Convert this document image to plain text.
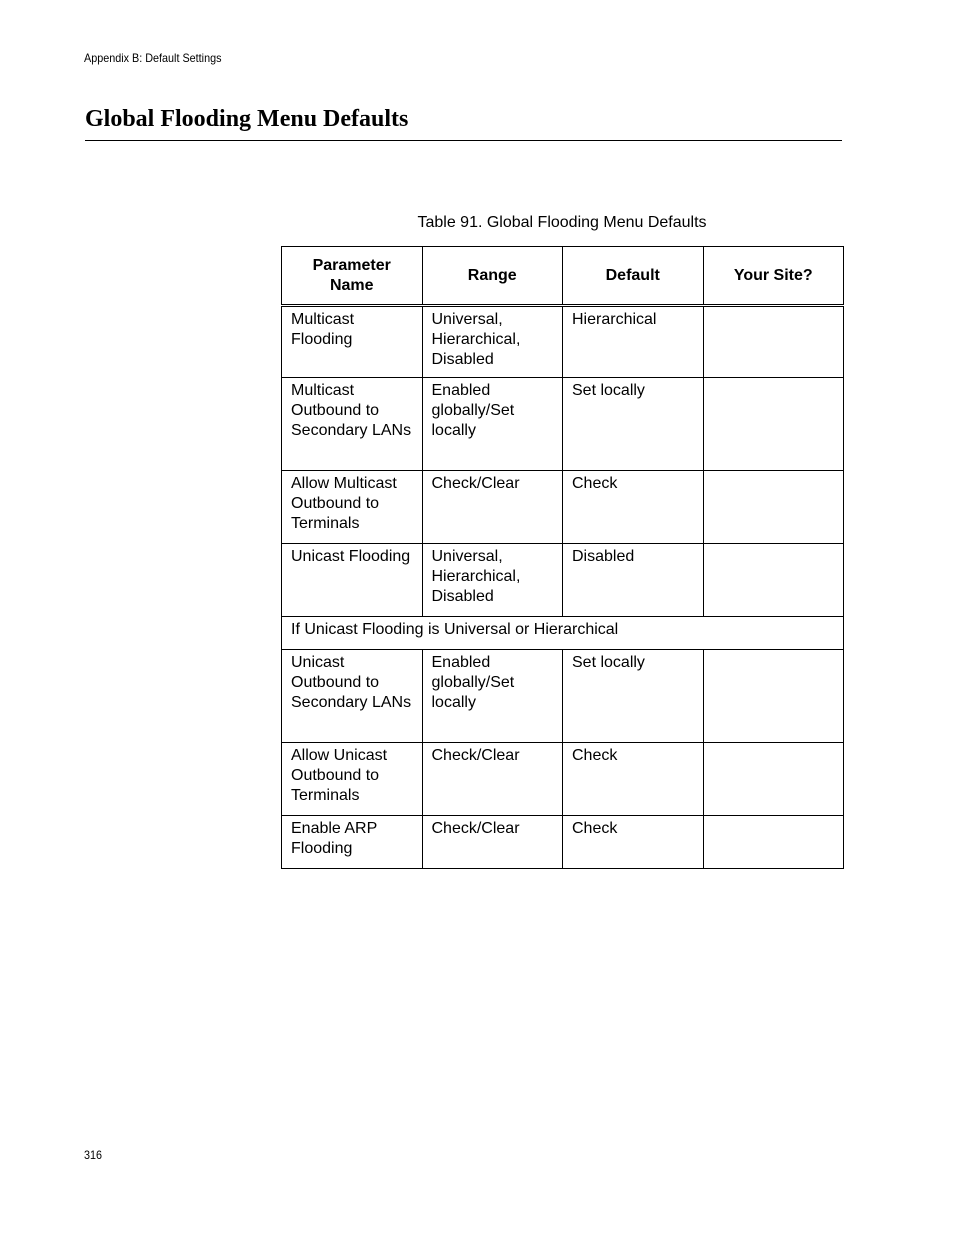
Appendix B: Default Settings
Global Flooding Menu Defaults
Table 91. Global Flooding Menu Defaults
Parameter Name	Range	Default	Your Site?
Multicast Flooding	Universal, Hierarchical, Disabled	Hierarchical	
Multicast Outbound to Secondary LANs	Enabled globally/Set locally	Set locally	
Allow Multicast Outbound to Terminals	Check/Clear	Check	
Unicast Flooding	Universal, Hierarchical, Disabled	Disabled	
If Unicast Flooding is Universal or Hierarchical			
Unicast Outbound to Secondary LANs	Enabled globally/Set locally	Set locally	
Allow Unicast Outbound to Terminals	Check/Clear	Check	
Enable ARP Flooding	Check/Clear	Check	
316
